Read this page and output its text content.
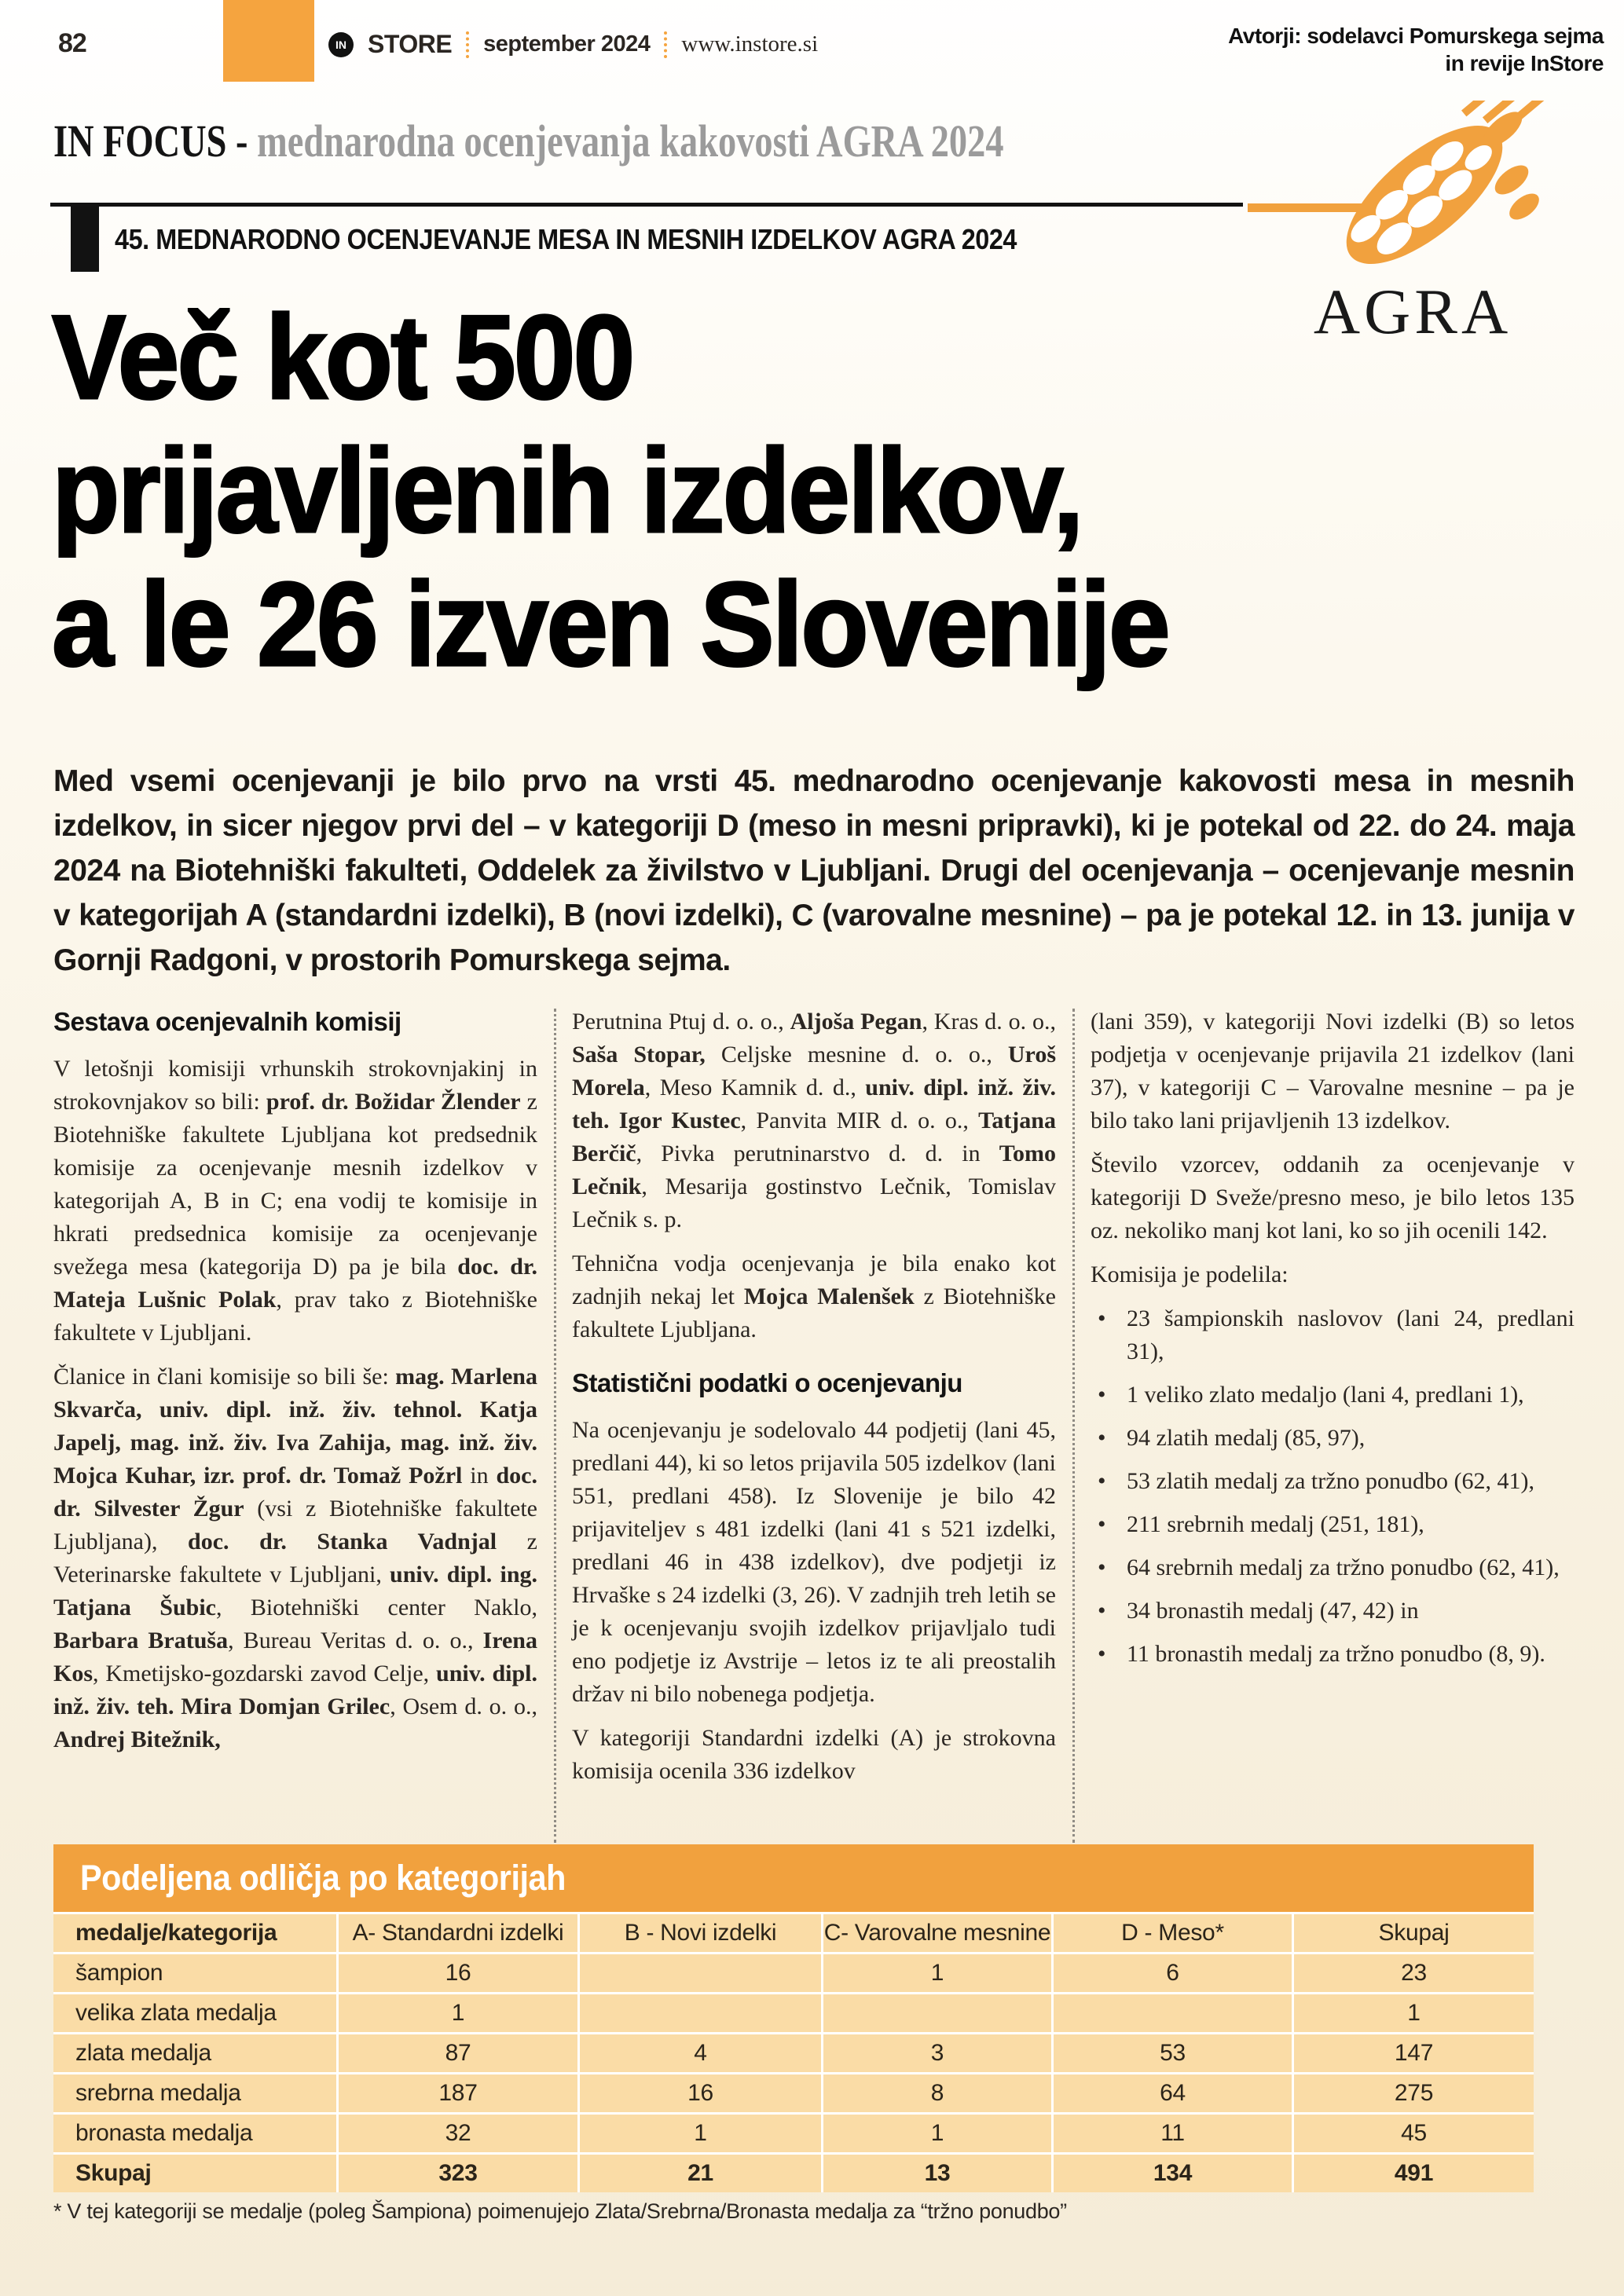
82	IN STORE september 2024 www.instore.si	Avtorji: sodelavci Pomurskega sejma
in revije InStore
IN FOCUS - mednarodna ocenjevanja kakovosti AGRA 2024
45. MEDNARODNO OCENJEVANJE MESA IN MESNIH IZDELKOV AGRA 2024
AGRA
Več kot 500
prijavljenih izdelkov,
a le 26 izven Slovenije

Med vsemi ocenjevanji je bilo prvo na vrsti 45. mednarodno ocenjevanje kakovosti mesa in mesnih izdelkov, in sicer njegov prvi del – v kategoriji D (meso in mesni pripravki), ki je potekal od 22. do 24. maja 2024 na Biotehniški fakulteti, Oddelek za živilstvo v Ljubljani. Drugi del ocenjevanja – ocenjevanje mesnin v kategorijah A (standardni izdelki), B (novi izdelki), C (varovalne mesnine) – pa je potekal 12. in 13. junija v Gornji Radgoni, v prostorih Pomurskega sejma.

Sestava ocenjevalnih komisij

V letošnji komisiji vrhunskih strokovnjakinj in strokovnjakov so bili: prof. dr. Božidar Žlender z Biotehniške fakultete Ljubljana kot predsednik komisije za ocenjevanje mesnih izdelkov v kategorijah A, B in C; ena vodij te komisije in hkrati predsednica komisije za ocenjevanje svežega mesa (kategorija D) pa je bila doc. dr. Mateja Lušnic Polak, prav tako z Biotehniške fakultete v Ljubljani.

Članice in člani komisije so bili še: mag. Marlena Skvarča, univ. dipl. inž. živ. tehnol. Katja Japelj, mag. inž. živ. Iva Zahija, mag. inž. živ. Mojca Kuhar, izr. prof. dr. Tomaž Požrl in doc. dr. Silvester Žgur (vsi z Biotehniške fakultete Ljubljana), doc. dr. Stanka Vadnjal z Veterinarske fakultete v Ljubljani, univ. dipl. ing. Tatjana Šubic, Biotehniški center Naklo, Barbara Bratuša, Bureau Veritas d. o. o., Irena Kos, Kmetijsko-gozdarski zavod Celje, univ. dipl. inž. živ. teh. Mira Domjan Grilec, Osem d. o. o., Andrej Bitežnik,

Perutnina Ptuj d. o. o., Aljoša Pegan, Kras d. o. o., Saša Stopar, Celjske mesnine d. o. o., Uroš Morela, Meso Kamnik d. d., univ. dipl. inž. živ. teh. Igor Kustec, Panvita MIR d. o. o., Tatjana Berčič, Pivka perutninarstvo d. d. in Tomo Lečnik, Mesarija gostinstvo Lečnik, Tomislav Lečnik s. p.

Tehnična vodja ocenjevanja je bila enako kot zadnjih nekaj let Mojca Malenšek z Biotehniške fakultete Ljubljana.

Statistični podatki o ocenjevanju

Na ocenjevanju je sodelovalo 44 podjetij (lani 45, predlani 44), ki so letos prijavila 505 izdelkov (lani 551, predlani 458). Iz Slovenije je bilo 42 prijaviteljev s 481 izdelki (lani 41 s 521 izdelki, predlani 46 in 438 izdelkov), dve podjetji iz Hrvaške s 24 izdelki (3, 26). V zadnjih treh letih se je k ocenjevanju svojih izdelkov prijavljalo tudi eno podjetje iz Avstrije – letos iz te ali preostalih držav ni bilo nobenega podjetja.

V kategoriji Standardni izdelki (A) je strokovna komisija ocenila 336 izdelkov

(lani 359), v kategoriji Novi izdelki (B) so letos podjetja v ocenjevanje prijavila 21 izdelkov (lani 37), v kategoriji C – Varovalne mesnine – pa je bilo tako lani prijavljenih 13 izdelkov.

Število vzorcev, oddanih za ocenjevanje v kategoriji D Sveže/presno meso, je bilo letos 135 oz. nekoliko manj kot lani, ko so jih ocenili 142.

Komisija je podelila:

• 23 šampionskih naslovov (lani 24, predlani 31),
• 1 veliko zlato medaljo (lani 4, predlani 1),
• 94 zlatih medalj (85, 97),
• 53 zlatih medalj za tržno ponudbo (62, 41),
• 211 srebrnih medalj (251, 181),
• 64 srebrnih medalj za tržno ponudbo (62, 41),
• 34 bronastih medalj (47, 42) in
• 11 bronastih medalj za tržno ponudbo (8, 9).
Podeljena odličja po kategorijah
medalje/kategorija	A- Standardni izdelki	B - Novi izdelki	C- Varovalne mesnine	D - Meso*	Skupaj
šampion	16		1	6	23
velika zlata medalja	1				1
zlata medalja	87	4	3	53	147
srebrna medalja	187	16	8	64	275
bronasta medalja	32	1	1	11	45
Skupaj	323	21	13	134	491
* V tej kategoriji se medalje (poleg Šampiona) poimenujejo Zlata/Srebrna/Bronasta medalja za “tržno ponudbo”
